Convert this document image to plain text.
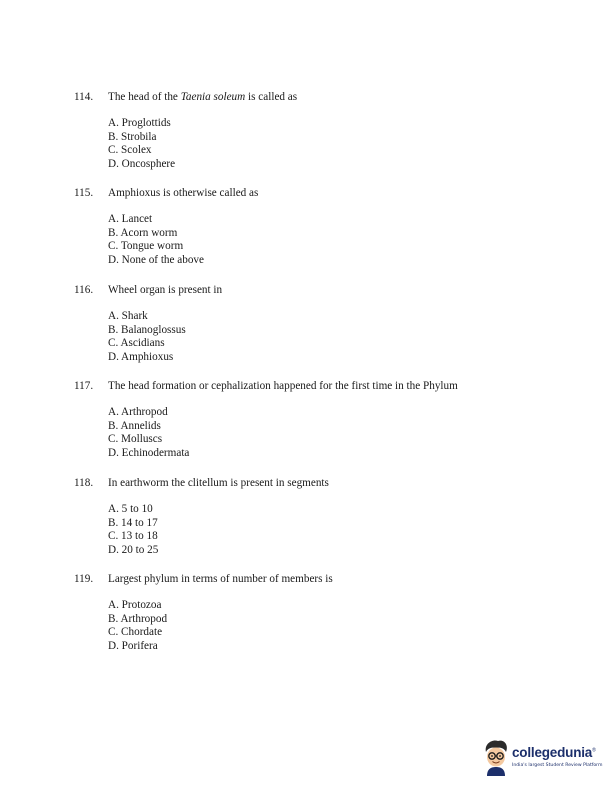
114. The head of the Taenia soleum is called as
A. Proglottids
B. Strobila
C. Scolex
D. Oncosphere
115. Amphioxus is otherwise called as
A. Lancet
B. Acorn worm
C. Tongue worm
D. None of the above
116. Wheel organ is present in
A. Shark
B. Balanoglossus
C. Ascidians
D. Amphioxus
117. The head formation or cephalization happened for the first time in the Phylum
A. Arthropod
B. Annelids
C. Molluscs
D. Echinodermata
118. In earthworm the clitellum is present in segments
A. 5 to 10
B. 14 to 17
C. 13 to 18
D. 20 to 25
119. Largest phylum in terms of number of members is
A. Protozoa
B. Arthropod
C. Chordate
D. Porifera
collegedunia®
India's largest Student Review Platform
